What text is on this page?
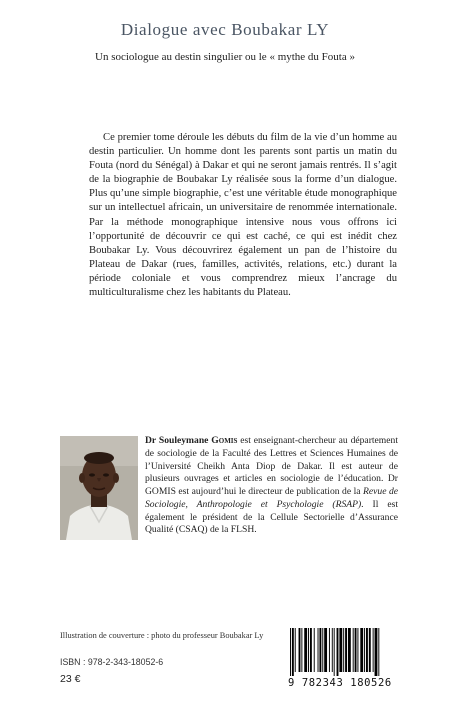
Dialogue avec Boubakar LY
Un sociologue au destin singulier ou le « mythe du Fouta »
Ce premier tome déroule les débuts du film de la vie d’un homme au destin particulier. Un homme dont les parents sont partis un matin du Fouta (nord du Sénégal) à Dakar et qui ne seront jamais rentrés. Il s’agit de la biographie de Boubakar Ly réalisée sous la forme d’un dialogue. Plus qu’une simple biographie, c’est une véritable étude monographique sur un intellectuel africain, un universitaire de renommée internationale. Par la méthode monographique intensive nous vous offrons ici l’opportunité de découvrir ce qui est caché, ce qui est inédit chez Boubakar Ly. Vous découvrirez également un pan de l’histoire du Plateau de Dakar (rues, familles, activités, relations, etc.) durant la période coloniale et vous comprendrez mieux l’ancrage du multiculturalisme chez les habitants du Plateau.
Dr Souleymane Gomis est enseignant-chercheur au département de sociologie de la Faculté des Lettres et Sciences Humaines de l’Université Cheikh Anta Diop de Dakar. Il est auteur de plusieurs ouvrages et articles en sociologie de l’éducation. Dr GOMIS est aujourd’hui le directeur de publication de la Revue de Sociologie, Anthropologie et Psychologie (RSAP). Il est également le président de la Cellule Sectorielle d’Assurance Qualité (CSAQ) de la FLSH.
Illustration de couverture : photo du professeur Boubakar Ly
ISBN : 978-2-343-18052-6
23 €	9 782343 180526
